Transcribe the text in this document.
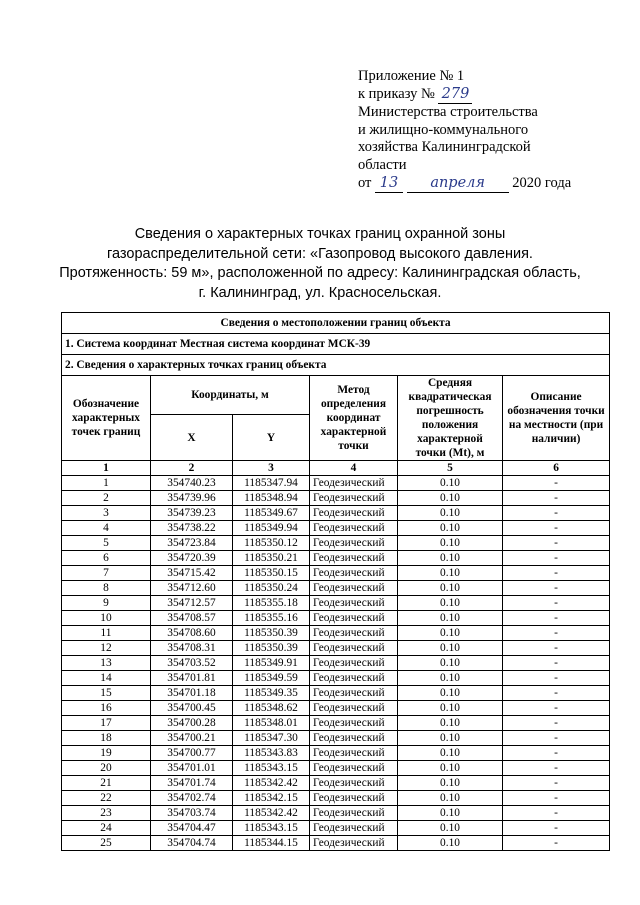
Приложение № 1
к приказу № 279
Министерства строительства
и жилищно-коммунального
хозяйства Калининградской
области
от 13 апреля 2020 года
Сведения о характерных точках границ охранной зоны
газораспределительной сети: «Газопровод высокого давления.
Протяженность: 59 м», расположенной по адресу: Калининградская область,
г. Калининград, ул. Красносельская.
Сведения о местоположении границ объекта					
1. Система координат Местная система координат МСК-39					
2. Сведения о характерных точках границ объекта					
Обозначение характерных точек границ	Координаты, м		Метод определения координат характерной точки	Средняя квадратическая погрешность положения характерной точки (Mt), м	Описание обозначения точки на местности (при наличии)
	X	Y			
1	2	3	4	5	6
1	354740.23	1185347.94	Геодезический	0.10	-
2	354739.96	1185348.94	Геодезический	0.10	-
3	354739.23	1185349.67	Геодезический	0.10	-
4	354738.22	1185349.94	Геодезический	0.10	-
5	354723.84	1185350.12	Геодезический	0.10	-
6	354720.39	1185350.21	Геодезический	0.10	-
7	354715.42	1185350.15	Геодезический	0.10	-
8	354712.60	1185350.24	Геодезический	0.10	-
9	354712.57	1185355.18	Геодезический	0.10	-
10	354708.57	1185355.16	Геодезический	0.10	-
11	354708.60	1185350.39	Геодезический	0.10	-
12	354708.31	1185350.39	Геодезический	0.10	-
13	354703.52	1185349.91	Геодезический	0.10	-
14	354701.81	1185349.59	Геодезический	0.10	-
15	354701.18	1185349.35	Геодезический	0.10	-
16	354700.45	1185348.62	Геодезический	0.10	-
17	354700.28	1185348.01	Геодезический	0.10	-
18	354700.21	1185347.30	Геодезический	0.10	-
19	354700.77	1185343.83	Геодезический	0.10	-
20	354701.01	1185343.15	Геодезический	0.10	-
21	354701.74	1185342.42	Геодезический	0.10	-
22	354702.74	1185342.15	Геодезический	0.10	-
23	354703.74	1185342.42	Геодезический	0.10	-
24	354704.47	1185343.15	Геодезический	0.10	-
25	354704.74	1185344.15	Геодезический	0.10	-
